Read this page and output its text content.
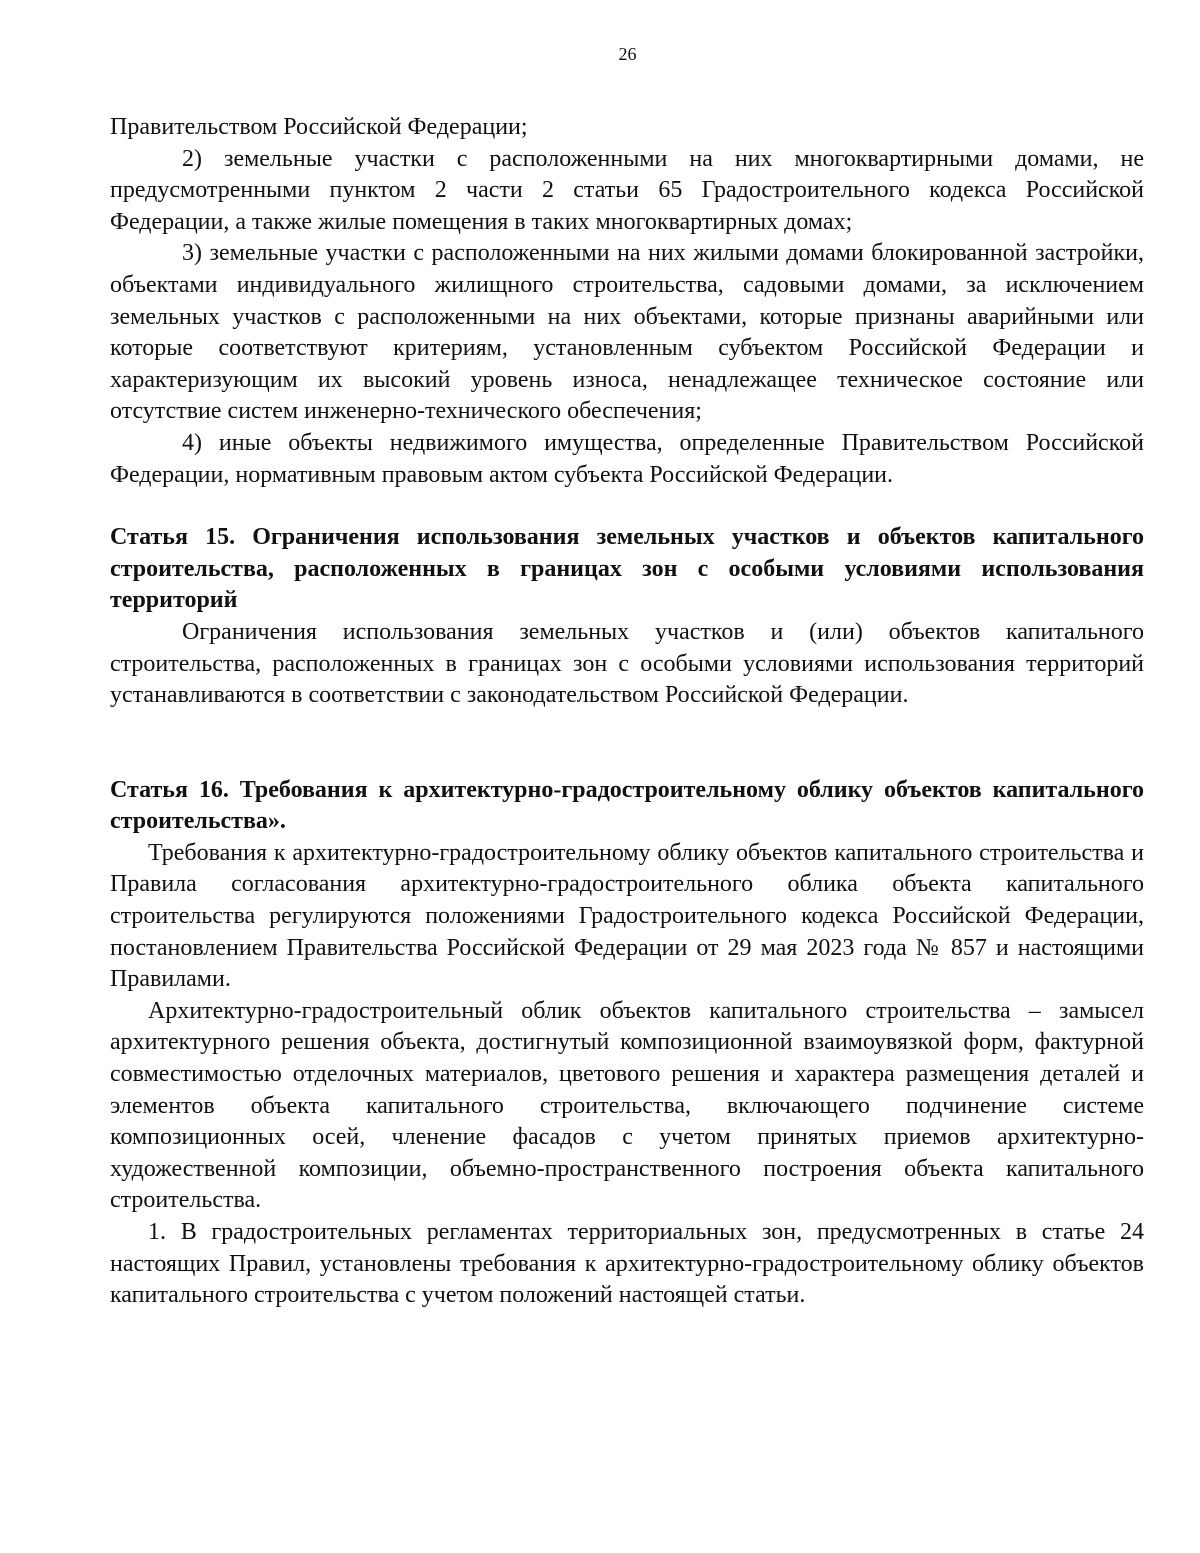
26

Правительством Российской Федерации;

2) земельные участки с расположенными на них многоквартирными домами, не предусмотренными пунктом 2 части 2 статьи 65 Градостроительного кодекса Российской Федерации, а также жилые помещения в таких многоквартирных домах;

3) земельные участки с расположенными на них жилыми домами блокированной застройки, объектами индивидуального жилищного строительства, садовыми домами, за исключением земельных участков с расположенными на них объектами, которые признаны аварийными или которые соответствуют критериям, установленным субъектом Российской Федерации и характеризующим их высокий уровень износа, ненадлежащее техническое состояние или отсутствие систем инженерно-технического обеспечения;

4) иные объекты недвижимого имущества, определенные Правительством Российской Федерации, нормативным правовым актом субъекта Российской Федерации.

Статья 15. Ограничения использования земельных участков и объектов капитального строительства, расположенных в границах зон с особыми условиями использования территорий

Ограничения использования земельных участков и (или) объектов капитального строительства, расположенных в границах зон с особыми условиями использования территорий устанавливаются в соответствии с законодательством Российской Федерации.

Статья 16. Требования к архитектурно-градостроительному облику объектов капитального строительства».

Требования к архитектурно-градостроительному облику объектов капитального строительства и Правила согласования архитектурно-градостроительного облика объекта капитального строительства регулируются положениями Градостроительного кодекса Российской Федерации, постановлением Правительства Российской Федерации от 29 мая 2023 года № 857 и настоящими Правилами.

Архитектурно-градостроительный облик объектов капитального строительства – замысел архитектурного решения объекта, достигнутый композиционной взаимоувязкой форм, фактурной совместимостью отделочных материалов, цветового решения и характера размещения деталей и элементов объекта капитального строительства, включающего подчинение системе композиционных осей, членение фасадов с учетом принятых приемов архитектурно-художественной композиции, объемно-пространственного построения объекта капитального строительства.

1. В градостроительных регламентах территориальных зон, предусмотренных в статье 24 настоящих Правил, установлены требования к архитектурно-градостроительному облику объектов капитального строительства с учетом положений настоящей статьи.
